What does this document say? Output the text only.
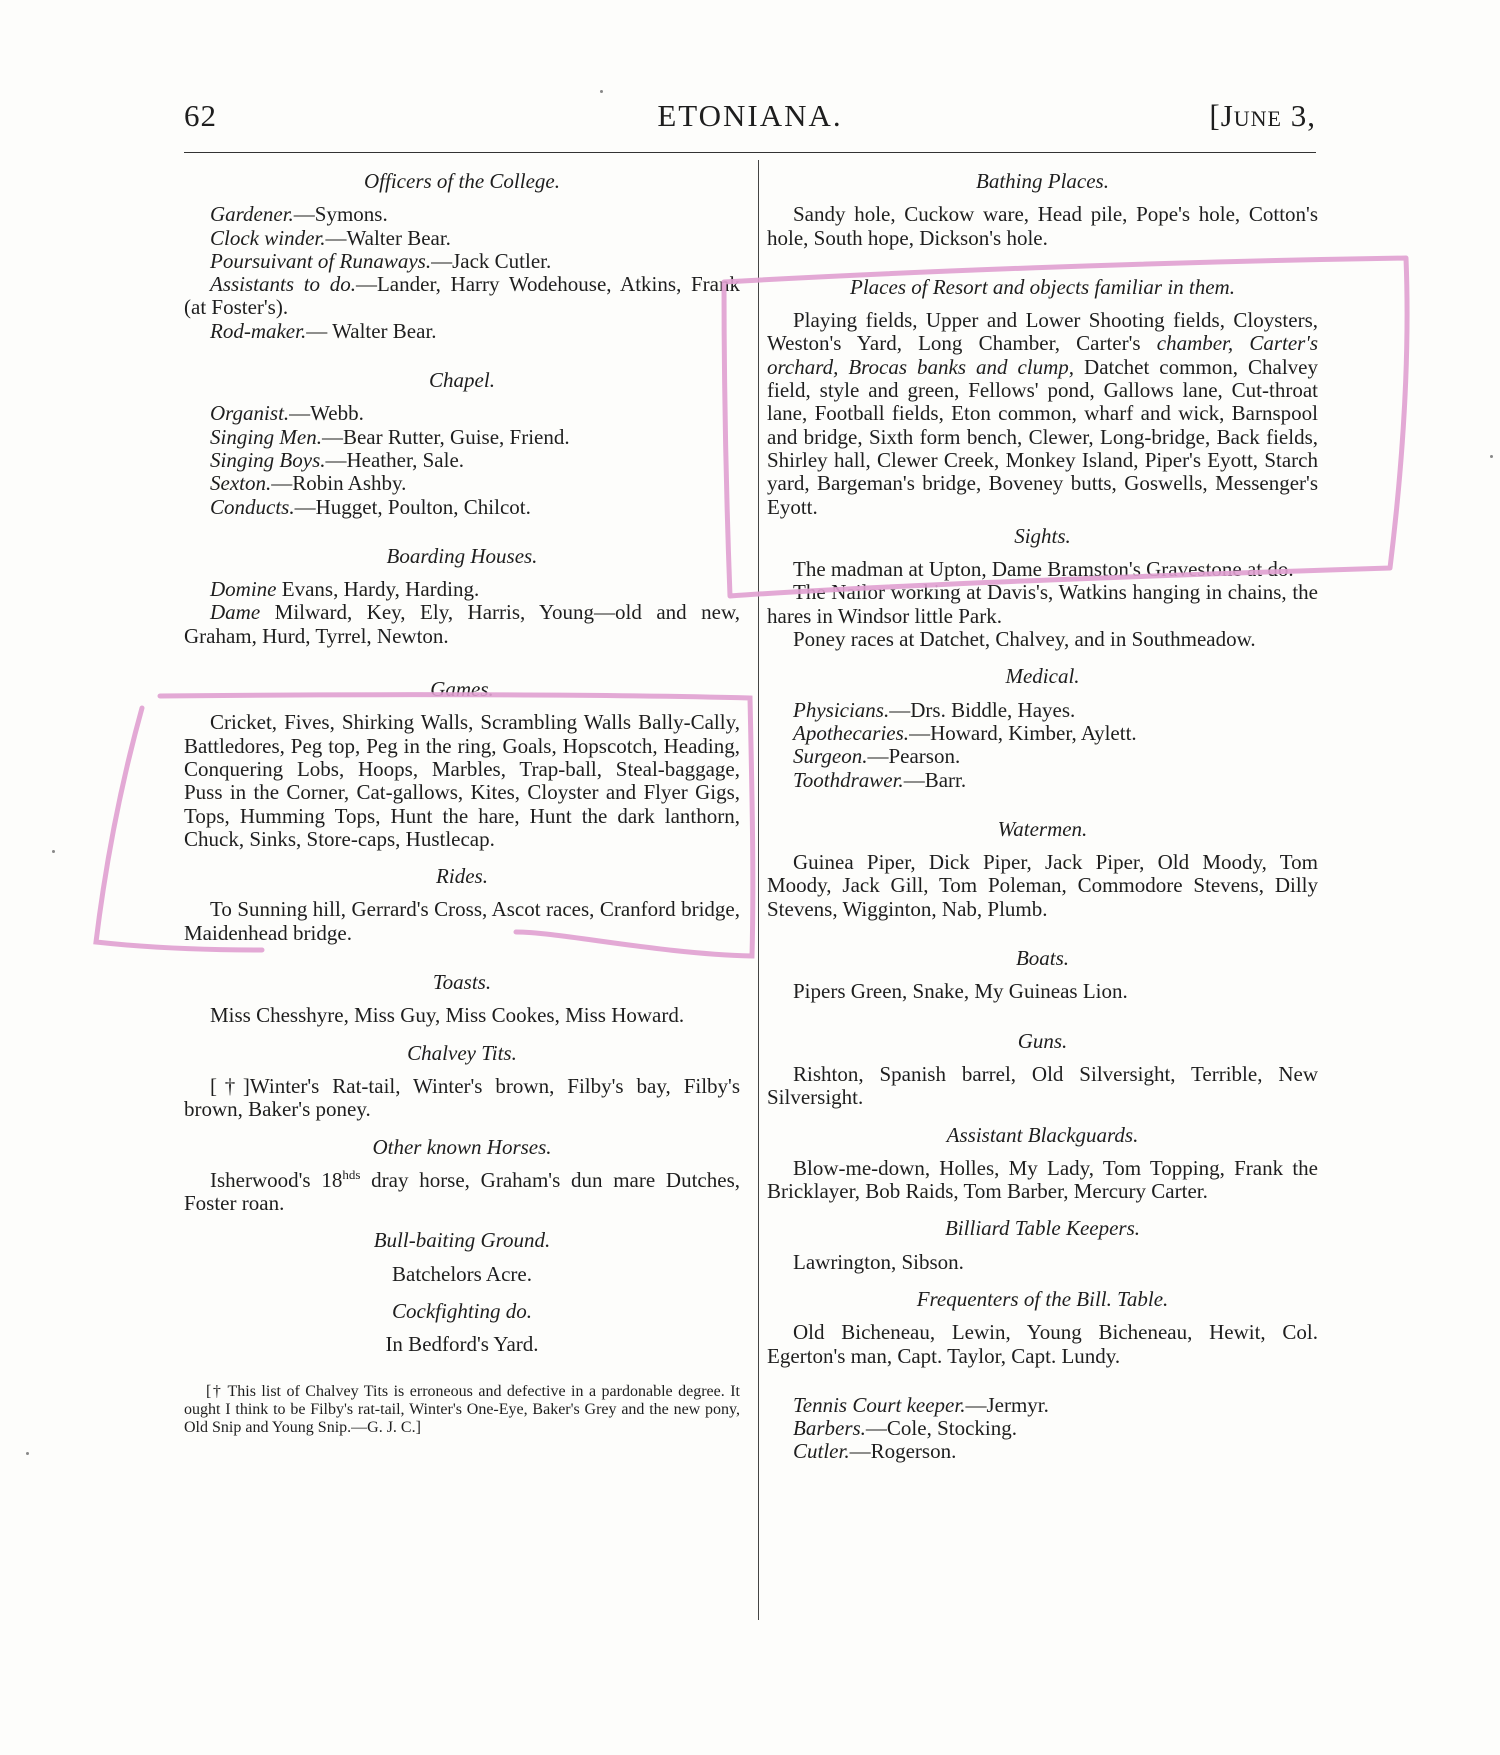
62	ETONIANA.	[June 3,
Officers of the College.

Gardener.—Symons.

Clock winder.—Walter Bear.

Poursuivant of Runaways.—Jack Cutler.

Assistants to do.—Lander, Harry Wodehouse, Atkins, Frank (at Foster's).

Rod-maker.— Walter Bear.

Chapel.

Organist.—Webb.

Singing Men.—Bear Rutter, Guise, Friend.

Singing Boys.—Heather, Sale.

Sexton.—Robin Ashby.

Conducts.—Hugget, Poulton, Chilcot.

Boarding Houses.

Domine Evans, Hardy, Harding.

Dame Milward, Key, Ely, Harris, Young—old and new, Graham, Hurd, Tyrrel, Newton.

Games.

Cricket, Fives, Shirking Walls, Scrambling Walls Bally-Cally, Battledores, Peg top, Peg in the ring, Goals, Hopscotch, Heading, Conquering Lobs, Hoops, Marbles, Trap-ball, Steal-baggage, Puss in the Corner, Cat-gallows, Kites, Cloyster and Flyer Gigs, Tops, Humming Tops, Hunt the hare, Hunt the dark lanthorn, Chuck, Sinks, Store-caps, Hustlecap.

Rides.

To Sunning hill, Gerrard's Cross, Ascot races, Cranford bridge, Maidenhead bridge.

Toasts.

Miss Chesshyre, Miss Guy, Miss Cookes, Miss Howard.

Chalvey Tits.

[†]Winter's Rat-tail, Winter's brown, Filby's bay, Filby's brown, Baker's poney.

Other known Horses.

Isherwood's $18^{hds}$ dray horse, Graham's dun mare Dutches, Foster roan.

Bull-baiting Ground.

Batchelors Acre.

Cockfighting do.

In Bedford's Yard.

[† This list of Chalvey Tits is erroneous and defective in a pardonable degree. It ought I think to be Filby's rat-tail, Winter's One-Eye, Baker's Grey and the new pony, Old Snip and Young Snip.—G. J. C.]

Bathing Places.

Sandy hole, Cuckow ware, Head pile, Pope's hole, Cotton's hole, South hope, Dickson's hole.

Places of Resort and objects familiar in them.

Playing fields, Upper and Lower Shooting fields, Cloysters, Weston's Yard, Long Chamber, Carter's chamber, Carter's orchard, Brocas banks and clump, Datchet common, Chalvey field, style and green, Fellows' pond, Gallows lane, Cut-throat lane, Football fields, Eton common, wharf and wick, Barnspool and bridge, Sixth form bench, Clewer, Long-bridge, Back fields, Shirley hall, Clewer Creek, Monkey Island, Piper's Eyott, Starch yard, Bargeman's bridge, Boveney butts, Goswells, Messenger's Eyott.

Sights.

The madman at Upton, Dame Bramston's Gravestone at do.

The Nailor working at Davis's, Watkins hanging in chains, the hares in Windsor little Park.

Poney races at Datchet, Chalvey, and in Southmeadow.

Medical.

Physicians.—Drs. Biddle, Hayes.

Apothecaries.—Howard, Kimber, Aylett.

Surgeon.—Pearson.

Toothdrawer.—Barr.

Watermen.

Guinea Piper, Dick Piper, Jack Piper, Old Moody, Tom Moody, Jack Gill, Tom Poleman, Commodore Stevens, Dilly Stevens, Wigginton, Nab, Plumb.

Boats.

Pipers Green, Snake, My Guineas Lion.

Guns.

Rishton, Spanish barrel, Old Silversight, Terrible, New Silversight.

Assistant Blackguards.

Blow-me-down, Holles, My Lady, Tom Topping, Frank the Bricklayer, Bob Raids, Tom Barber, Mercury Carter.

Billiard Table Keepers.

Lawrington, Sibson.

Frequenters of the Bill. Table.

Old Bicheneau, Lewin, Young Bicheneau, Hewit, Col. Egerton's man, Capt. Taylor, Capt. Lundy.

Tennis Court keeper.—Jermyr.

Barbers.—Cole, Stocking.

Cutler.—Rogerson.
